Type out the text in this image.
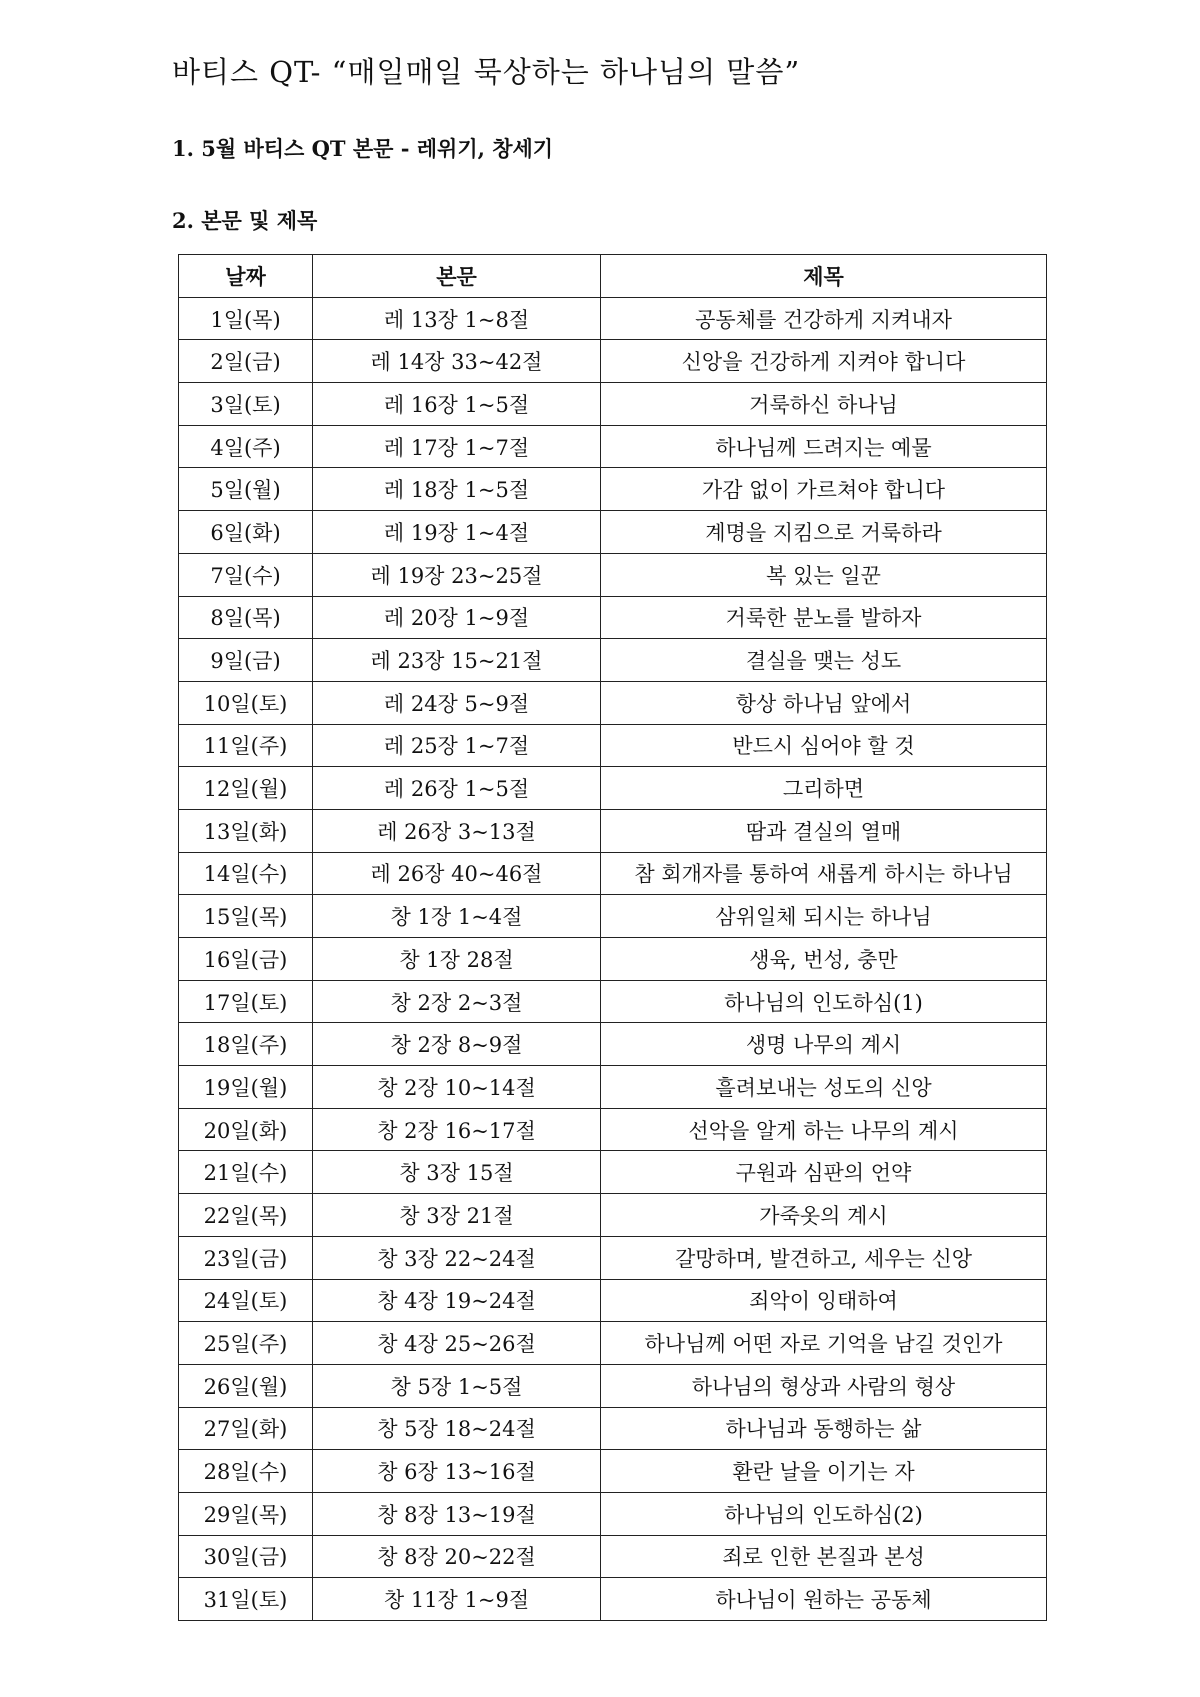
바티스 QT- “매일매일 묵상하는 하나님의 말씀”
1. 5월 바티스 QT 본문 - 레위기, 창세기
2. 본문 및 제목
날짜	본문	제목
1일(목)	레 13장 1~8절	공동체를 건강하게 지켜내자
2일(금)	레 14장 33~42절	신앙을 건강하게 지켜야 합니다
3일(토)	레 16장 1~5절	거룩하신 하나님
4일(주)	레 17장 1~7절	하나님께 드려지는 예물
5일(월)	레 18장 1~5절	가감 없이 가르쳐야 합니다
6일(화)	레 19장 1~4절	계명을 지킴으로 거룩하라
7일(수)	레 19장 23~25절	복 있는 일꾼
8일(목)	레 20장 1~9절	거룩한 분노를 발하자
9일(금)	레 23장 15~21절	결실을 맺는 성도
10일(토)	레 24장 5~9절	항상 하나님 앞에서
11일(주)	레 25장 1~7절	반드시 심어야 할 것
12일(월)	레 26장 1~5절	그리하면
13일(화)	레 26장 3~13절	땀과 결실의 열매
14일(수)	레 26장 40~46절	참 회개자를 통하여 새롭게 하시는 하나님
15일(목)	창 1장 1~4절	삼위일체 되시는 하나님
16일(금)	창 1장 28절	생육, 번성, 충만
17일(토)	창 2장 2~3절	하나님의 인도하심(1)
18일(주)	창 2장 8~9절	생명 나무의 계시
19일(월)	창 2장 10~14절	흘려보내는 성도의 신앙
20일(화)	창 2장 16~17절	선악을 알게 하는 나무의 계시
21일(수)	창 3장 15절	구원과 심판의 언약
22일(목)	창 3장 21절	가죽옷의 계시
23일(금)	창 3장 22~24절	갈망하며, 발견하고, 세우는 신앙
24일(토)	창 4장 19~24절	죄악이 잉태하여
25일(주)	창 4장 25~26절	하나님께 어떤 자로 기억을 남길 것인가
26일(월)	창 5장 1~5절	하나님의 형상과 사람의 형상
27일(화)	창 5장 18~24절	하나님과 동행하는 삶
28일(수)	창 6장 13~16절	환란 날을 이기는 자
29일(목)	창 8장 13~19절	하나님의 인도하심(2)
30일(금)	창 8장 20~22절	죄로 인한 본질과 본성
31일(토)	창 11장 1~9절	하나님이 원하는 공동체
